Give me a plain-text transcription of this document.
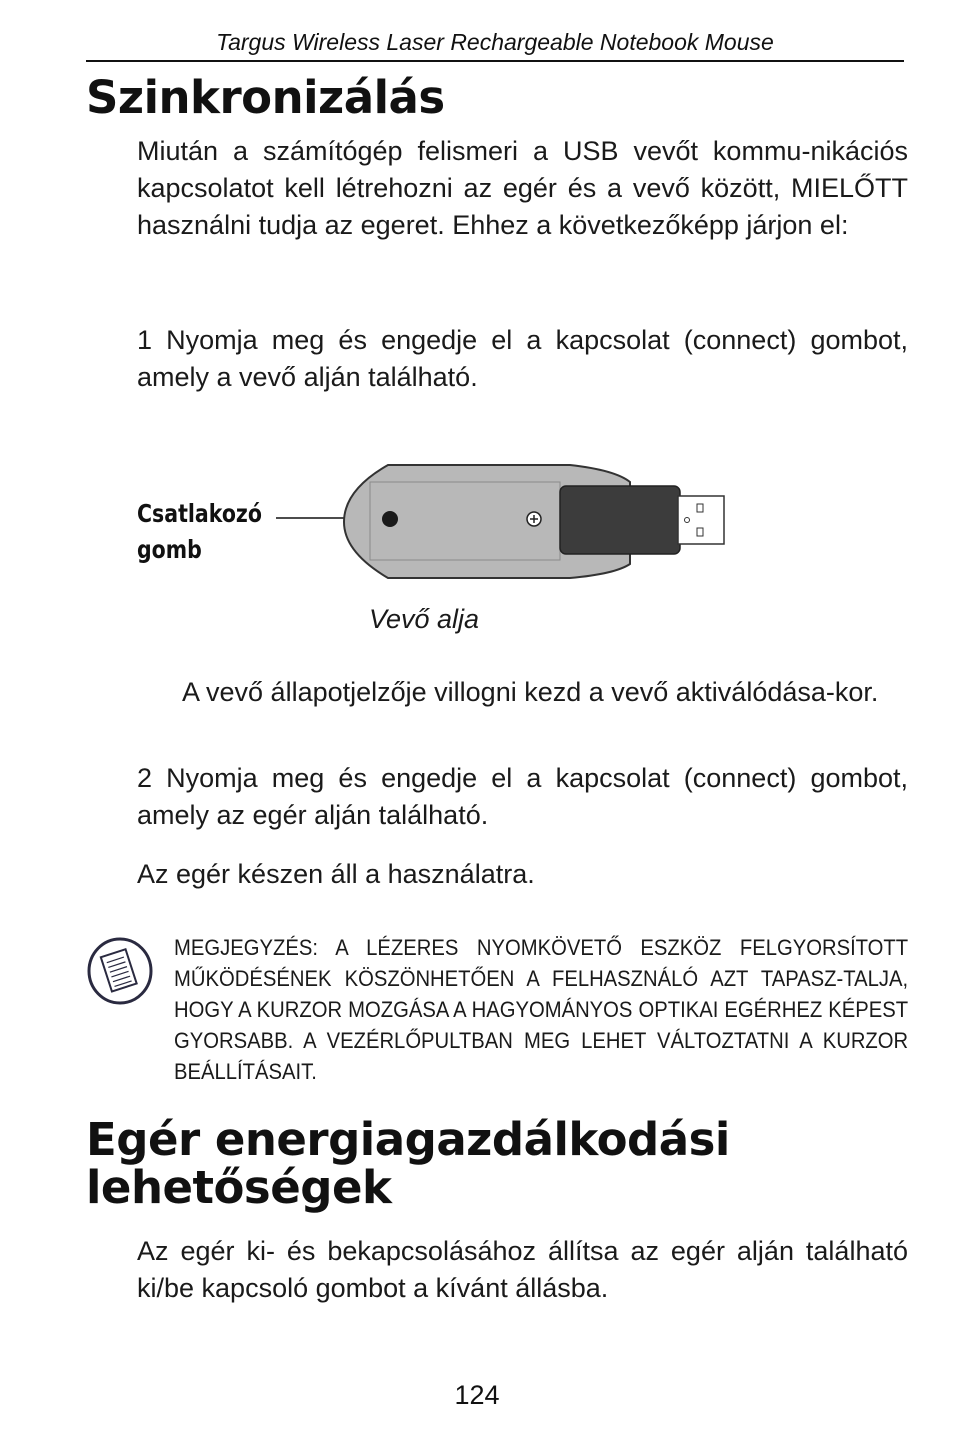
Targus Wireless Laser Rechargeable Notebook Mouse
Szinkronizálás

Miután a számítógép felismeri a USB vevőt kommu-nikációs kapcsolatot kell létrehozni az egér és a vevő között, MIELŐTT használni tudja az egeret. Ehhez a következőképp járjon el:

1 Nyomja meg és engedje el a kapcsolat (connect) gombot, amely a vevő alján található.

Csatlakozó
gomb
Vevő alja

A vevő állapotjelzője villogni kezd a vevő aktiválódása-kor.

2 Nyomja meg és engedje el a kapcsolat (connect) gombot, amely az egér alján található.

Az egér készen áll a használatra.

MEGJEGYZÉS: A LÉZERES NYOMKÖVETŐ ESZKÖZ FELGYORSÍTOTT MŰKÖDÉSÉNEK KÖSZÖNHETŐEN A FELHASZNÁLÓ AZT TAPASZ-TALJA, HOGY A KURZOR MOZGÁSA A HAGYOMÁNYOS OPTIKAI EGÉRHEZ KÉPEST GYORSABB. A VEZÉRLŐPULTBAN MEG LEHET VÁLTOZTATNI A KURZOR BEÁLLÍTÁSAIT.

Egér energiagazdálkodási
lehetőségek

Az egér ki- és bekapcsolásához állítsa az egér alján található ki/be kapcsoló gombot a kívánt állásba.

124
